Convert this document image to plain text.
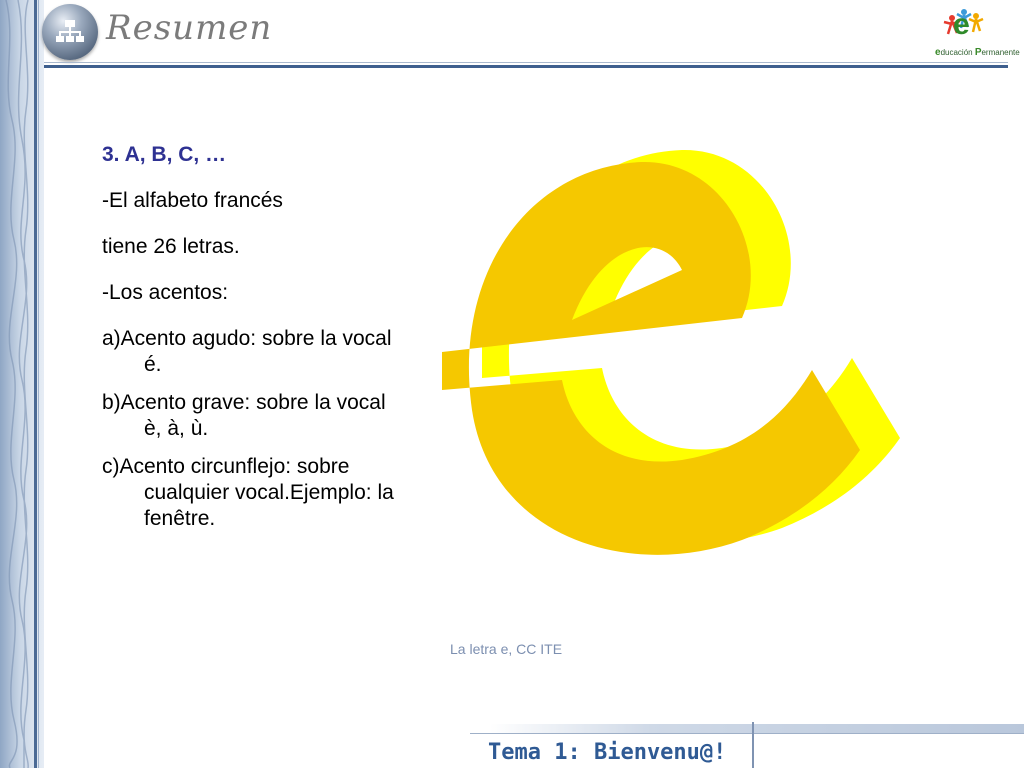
Resumen	e
educación Permanente
3. A, B, C, …
-El alfabeto francés
tiene 26 letras.
-Los acentos:
a)Acento agudo: sobre la vocal é.
b)Acento grave: sobre la vocal è, à, ù.
c)Acento circunflejo: sobre cualquier vocal.Ejemplo: la fenêtre.
La letra e, CC ITE
Tema 1: Bienvenu@!
